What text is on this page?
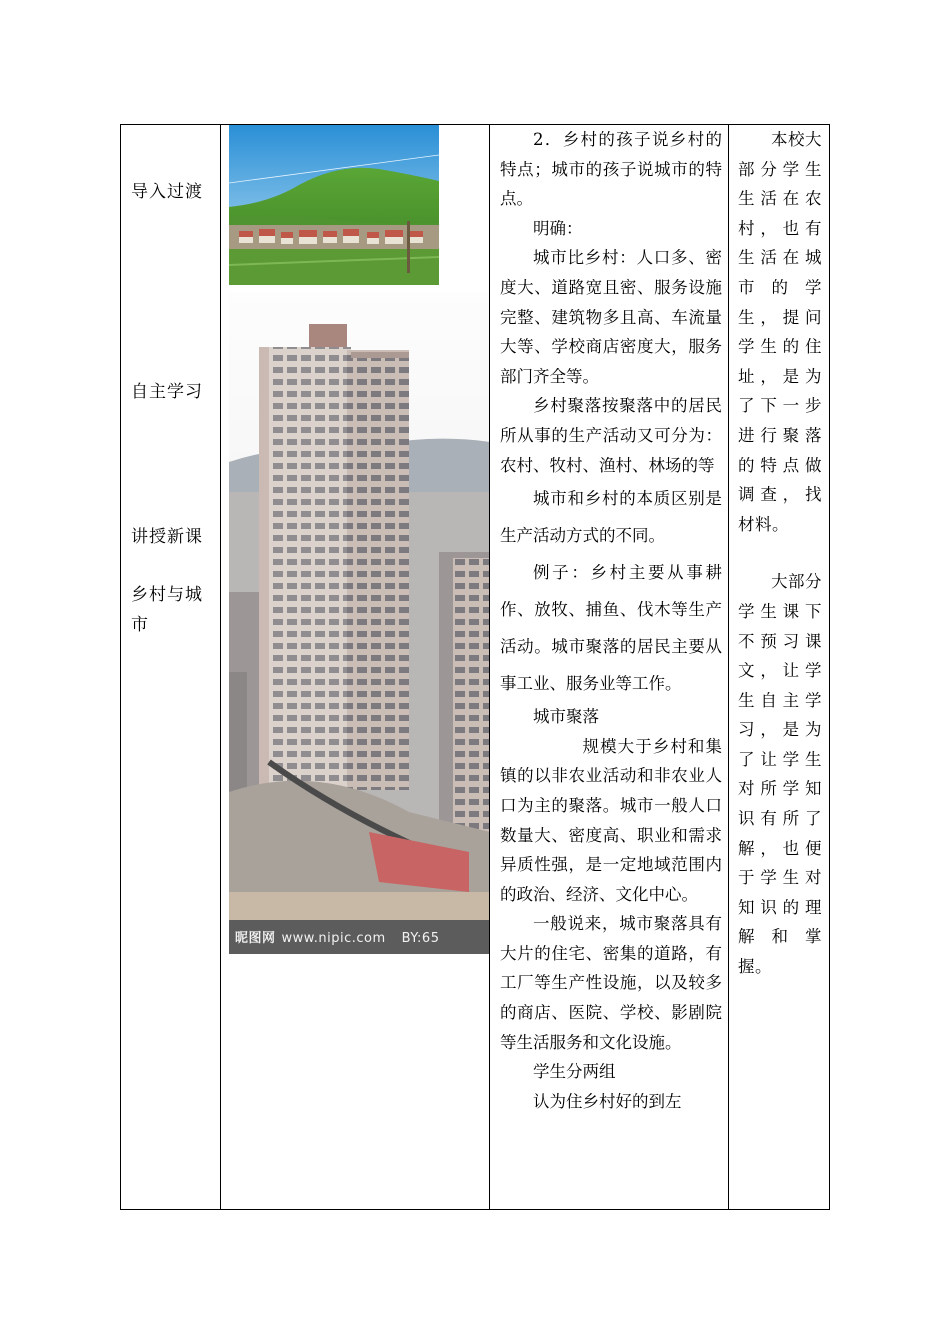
导入过渡
自主学习
讲授新课
乡村与城市
昵图网 www.nipic.com BY:65

2．乡村的孩子说乡村的特点；城市的孩子说城市的特点。

明确：

城市比乡村：人口多、密度大、道路宽且密、服务设施完整、建筑物多且高、车流量大等、学校商店密度大，服务部门齐全等。

乡村聚落按聚落中的居民所从事的生产活动又可分为：农村、牧村、渔村、林场的等

城市和乡村的本质区别是生产活动方式的不同。

例子：乡村主要从事耕作、放牧、捕鱼、伐木等生产活动。城市聚落的居民主要从事工业、服务业等工作。

城市聚落

规模大于乡村和集镇的以非农业活动和非农业人口为主的聚落。城市一般人口数量大、密度高、职业和需求异质性强，是一定地域范围内的政治、经济、文化中心。

一般说来，城市聚落具有大片的住宅、密集的道路，有工厂等生产性设施，以及较多的商店、医院、学校、影剧院等生活服务和文化设施。

学生分两组

认为住乡村好的到左

本校大部分学生生活在农村，也有生活在城市的学生，提问学生的住址，是为了下一步进行聚落的特点做调查，找材料。

大部分学生课下不预习课文，让学生自主学习，是为了让学生对所学知识有所了解，也便于学生对知识的理解和掌握。
